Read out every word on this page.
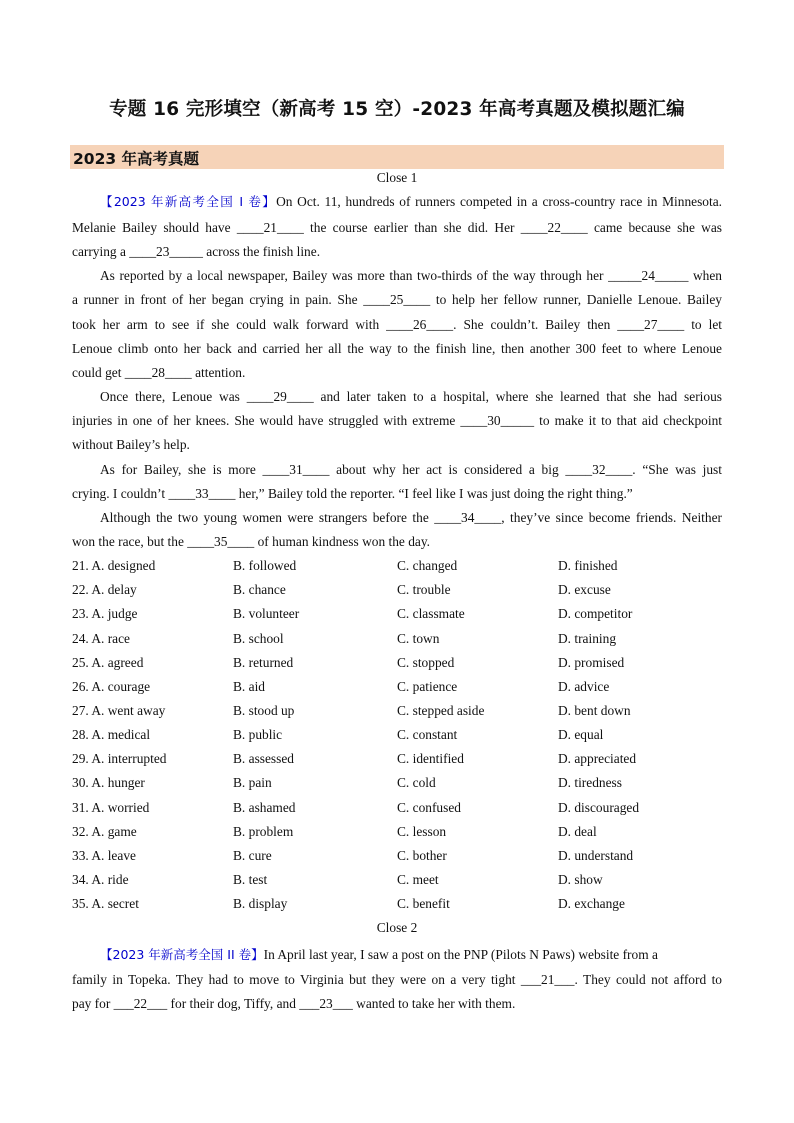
专题 16 完形填空（新高考 15 空）-2023 年高考真题及模拟题汇编
2023 年高考真题
Close 1
【2023 年新高考全国 I 卷】On Oct. 11, hundreds of runners competed in a cross-country race in Minnesota.
Melanie Bailey should have ____21____ the course earlier than she did. Her ____22____ came because she was
carrying a ____23_____ across the finish line.
As reported by a local newspaper, Bailey was more than two-thirds of the way through her _____24_____ when
a runner in front of her began crying in pain. She ____25____ to help her fellow runner, Danielle Lenoue. Bailey
took her arm to see if she could walk forward with ____26____. She couldn’t. Bailey then ____27____ to let
Lenoue climb onto her back and carried her all the way to the finish line, then another 300 feet to where Lenoue
could get ____28____ attention.
Once there, Lenoue was ____29____ and later taken to a hospital, where she learned that she had serious
injuries in one of her knees. She would have struggled with extreme ____30_____ to make it to that aid checkpoint
without Bailey’s help.
As for Bailey, she is more ____31____ about why her act is considered a big ____32____. “She was just
crying. I couldn’t ____33____ her,” Bailey told the reporter. “I feel like I was just doing the right thing.”
Although the two young women were strangers before the ____34____, they’ve since become friends. Neither
won the race, but the ____35____ of human kindness won the day.
21. A. designed	B. followed	C. changed	D. finished
22. A. delay	B. chance	C. trouble	D. excuse
23. A. judge	B. volunteer	C. classmate	D. competitor
24. A. race	B. school	C. town	D. training
25. A. agreed	B. returned	C. stopped	D. promised
26. A. courage	B. aid	C. patience	D. advice
27. A. went away	B. stood up	C. stepped aside	D. bent down
28. A. medical	B. public	C. constant	D. equal
29. A. interrupted	B. assessed	C. identified	D. appreciated
30. A. hunger	B. pain	C. cold	D. tiredness
31. A. worried	B. ashamed	C. confused	D. discouraged
32. A. game	B. problem	C. lesson	D. deal
33. A. leave	B. cure	C. bother	D. understand
34. A. ride	B. test	C. meet	D. show
35. A. secret	B. display	C. benefit	D. exchange
Close 2
【2023 年新高考全国 II 卷】In April last year, I saw a post on the PNP (Pilots N Paws) website from a
family in Topeka. They had to move to Virginia but they were on a very tight ___21___. They could not afford to
pay for ___22___ for their dog, Tiffy, and ___23___ wanted to take her with them.
